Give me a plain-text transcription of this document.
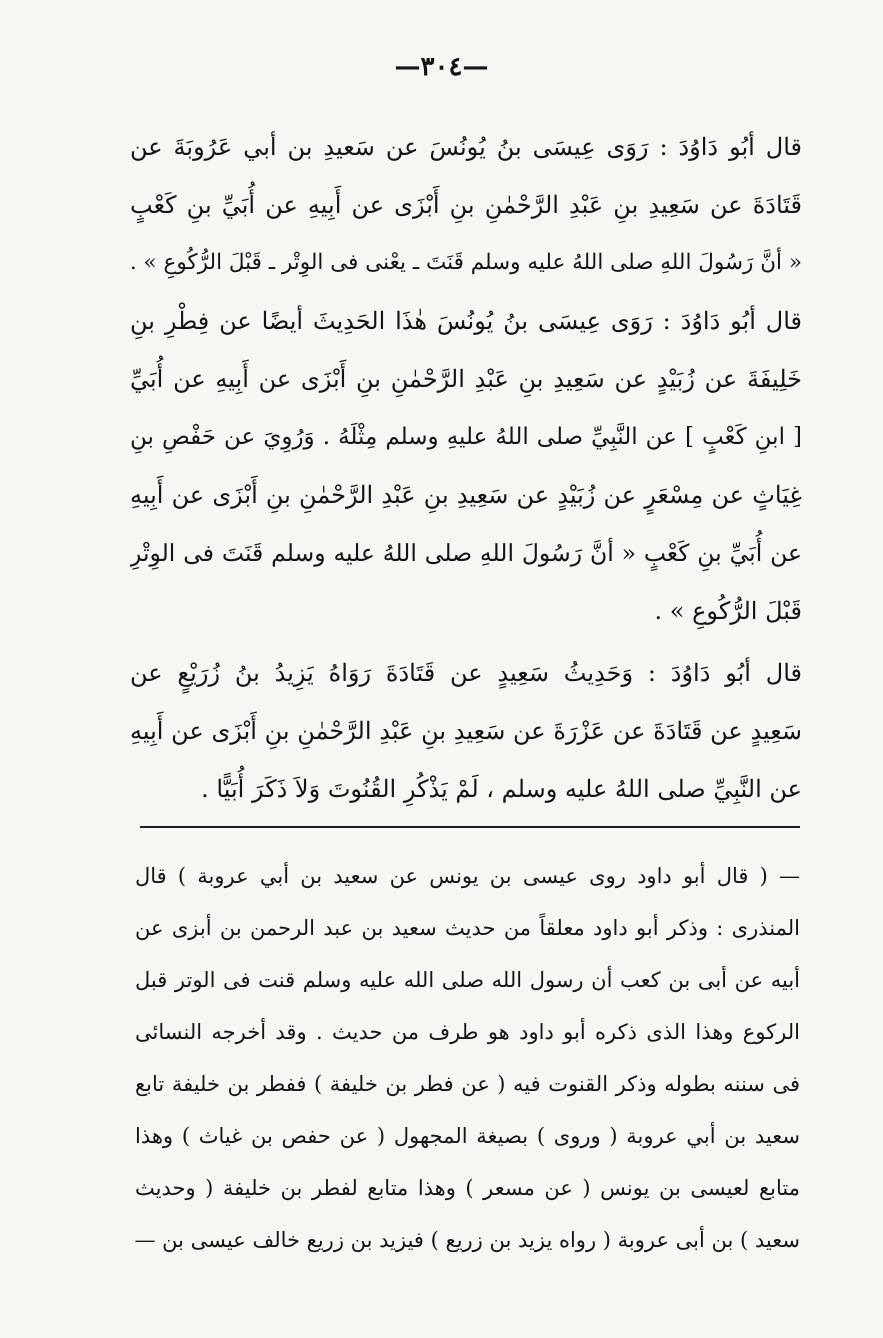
—٣٠٤—
قال أبُو دَاوُدَ : رَوَى عِيسَى بنُ يُونُسَ عن سَعيدِ بن أبي عَرُوبَةَ عن
قَتَادَةَ عن سَعِيدِ بنِ عَبْدِ الرَّحْمٰنِ بنِ أَبْزَى عن أَبِيهِ عن أُبَيِّ بنِ كَعْبٍ
« أنَّ رَسُولَ اللهِ صلى اللهُ عليه وسلم قَنَتَ ـ يعْنى فى الوِتْر ـ قَبْلَ الرُّكُوعِ » .
قال أبُو دَاوُدَ : رَوَى عِيسَى بنُ يُونُسَ هٰذَا الحَدِيثَ أيضًا عن فِطْرِ بنِ
خَلِيفَةَ عن زُبَيْدٍ عن سَعِيدِ بنِ عَبْدِ الرَّحْمٰنِ بنِ أَبْزَى عن أَبِيهِ عن أُبَيِّ
[ ابنِ كَعْبٍ ] عن النَّبِيِّ صلى اللهُ عليهِ وسلم مِثْلَهُ . وَرُوِيَ عن حَفْصِ بنِ
غِيَاثٍ عن مِسْعَرٍ عن زُبَيْدٍ عن سَعِيدِ بنِ عَبْدِ الرَّحْمٰنِ بنِ أَبْزَى عن أَبِيهِ
عن أُبَيِّ بنِ كَعْبٍ « أنَّ رَسُولَ اللهِ صلى اللهُ عليه وسلم قَنَتَ فى الوِتْرِ
قَبْلَ الرُّكُوعِ » .
قال أبُو دَاوُدَ : وَحَدِيثُ سَعِيدٍ عن قَتَادَةَ رَوَاهُ يَزِيدُ بنُ زُرَيْعٍ عن
سَعِيدٍ عن قَتَادَةَ عن عَزْرَةَ عن سَعِيدِ بنِ عَبْدِ الرَّحْمٰنِ بنِ أَبْزَى عن أَبِيهِ
عن النَّبِيِّ صلى اللهُ عليه وسلم ، لَمْ يَذْكُرِ القُنُوتَ وَلاَ ذَكَرَ أُبَيًّا .
— ( قال أبو داود روى عيسى بن يونس عن سعيد بن أبي عروبة ) قال
المنذرى : وذكر أبو داود معلقاً من حديث سعيد بن عبد الرحمن بن أبزى عن
أبيه عن أبى بن كعب أن رسول الله صلى الله عليه وسلم قنت فى الوتر قبل
الركوع وهذا الذى ذكره أبو داود هو طرف من حديث . وقد أخرجه النسائى
فى سننه بطوله وذكر القنوت فيه ( عن فطر بن خليفة ) ففطر بن خليفة تابع
سعيد بن أبي عروبة ( وروى ) بصيغة المجهول ( عن حفص بن غياث ) وهذا
متابع لعيسى بن يونس ( عن مسعر ) وهذا متابع لفطر بن خليفة ( وحديث
سعيد ) بن أبى عروبة ( رواه يزيد بن زريع ) فيزيد بن زريع خالف عيسى بن —
